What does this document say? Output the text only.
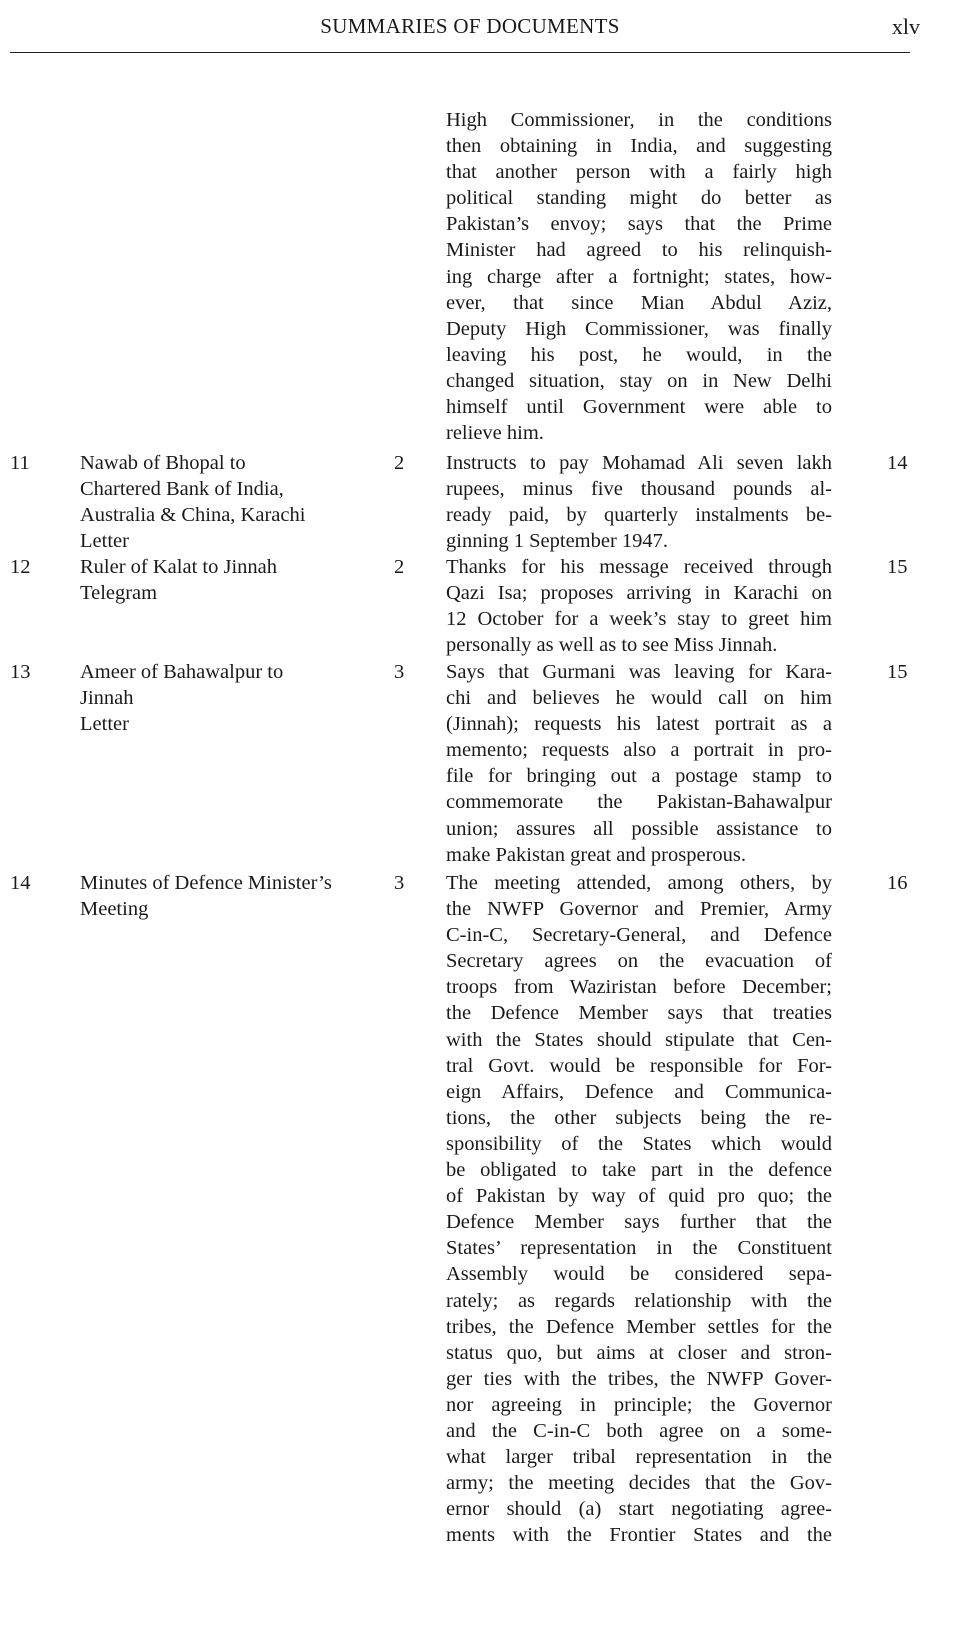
SUMMARIES OF DOCUMENTS	xlv
High Commissioner, in the conditions
then obtaining in India, and suggesting
that another person with a fairly high
political standing might do better as
Pakistan’s envoy; says that the Prime
Minister had agreed to his relinquish-
ing charge after a fortnight; states, how-
ever, that since Mian Abdul Aziz,
Deputy High Commissioner, was finally
leaving his post, he would, in the
changed situation, stay on in New Delhi
himself until Government were able to
relieve him.
11 Nawab of Bhopal to
Chartered Bank of India,
Australia & China, Karachi
Letter
2 Instructs to pay Mohamad Ali seven lakh
rupees, minus five thousand pounds al-
ready paid, by quarterly instalments be-
ginning 1 September 1947.
14
12 Ruler of Kalat to Jinnah
Telegram
2 Thanks for his message received through
Qazi Isa; proposes arriving in Karachi on
12 October for a week’s stay to greet him
personally as well as to see Miss Jinnah.
15
13 Ameer of Bahawalpur to
Jinnah
Letter
3 Says that Gurmani was leaving for Kara-
chi and believes he would call on him
(Jinnah); requests his latest portrait as a
memento; requests also a portrait in pro-
file for bringing out a postage stamp to
commemorate the Pakistan-Bahawalpur
union; assures all possible assistance to
make Pakistan great and prosperous.
15
14 Minutes of Defence Minister’s
Meeting
3 The meeting attended, among others, by
the NWFP Governor and Premier, Army
C-in-C, Secretary-General, and Defence
Secretary agrees on the evacuation of
troops from Waziristan before December;
the Defence Member says that treaties
with the States should stipulate that Cen-
tral Govt. would be responsible for For-
eign Affairs, Defence and Communica-
tions, the other subjects being the re-
sponsibility of the States which would
be obligated to take part in the defence
of Pakistan by way of quid pro quo; the
Defence Member says further that the
States’ representation in the Constituent
Assembly would be considered sepa-
rately; as regards relationship with the
tribes, the Defence Member settles for the
status quo, but aims at closer and stron-
ger ties with the tribes, the NWFP Gover-
nor agreeing in principle; the Governor
and the C-in-C both agree on a some-
what larger tribal representation in the
army; the meeting decides that the Gov-
ernor should (a) start negotiating agree-
ments with the Frontier States and the
16
